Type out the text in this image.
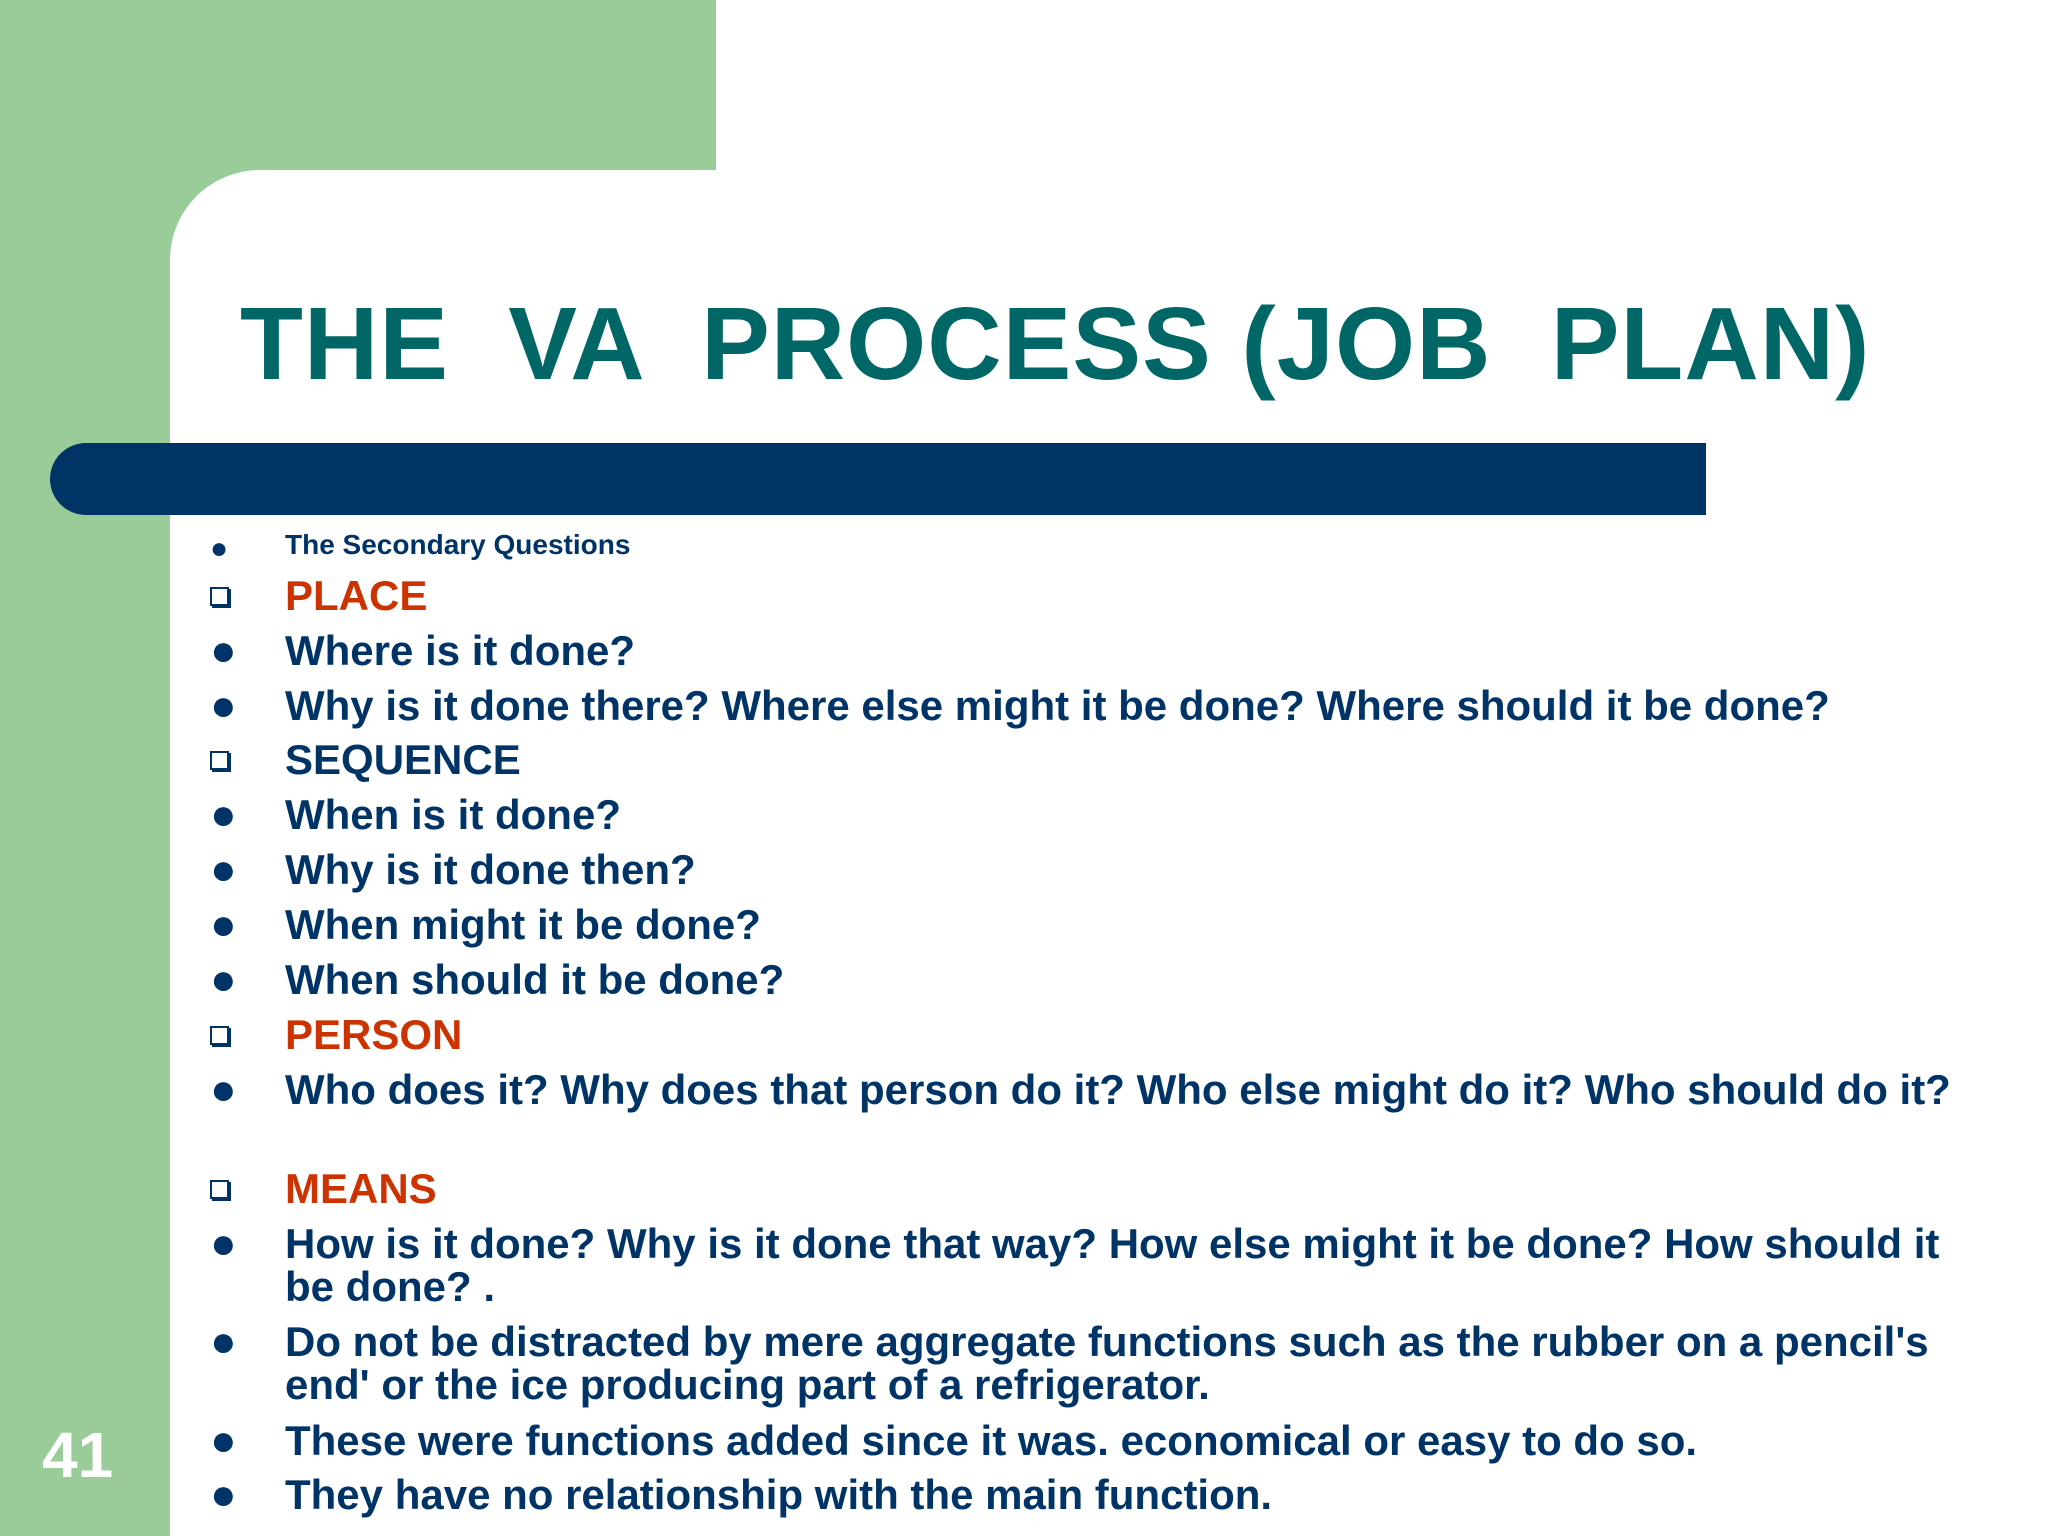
THE  VA  PROCESS (JOB  PLAN)
● The Secondary Questions
PLACE
● Where is it done?
● Why is it done there? Where else might it be done? Where should it be done?
SEQUENCE
● When is it done?
● Why is it done then?
● When might it be done?
● When should it be done?
PERSON
● Who does it? Why does that person do it? Who else might do it? Who should do it?
MEANS
● How is it done? Why is it done that way? How else might it be done? How should it be done? .
● Do not be distracted by mere aggregate functions such as the rubber on a pencil's end' or the ice producing part of a refrigerator.
● These were functions added since it was. economical or easy to do so.
● They have no relationship with the main function.
41
